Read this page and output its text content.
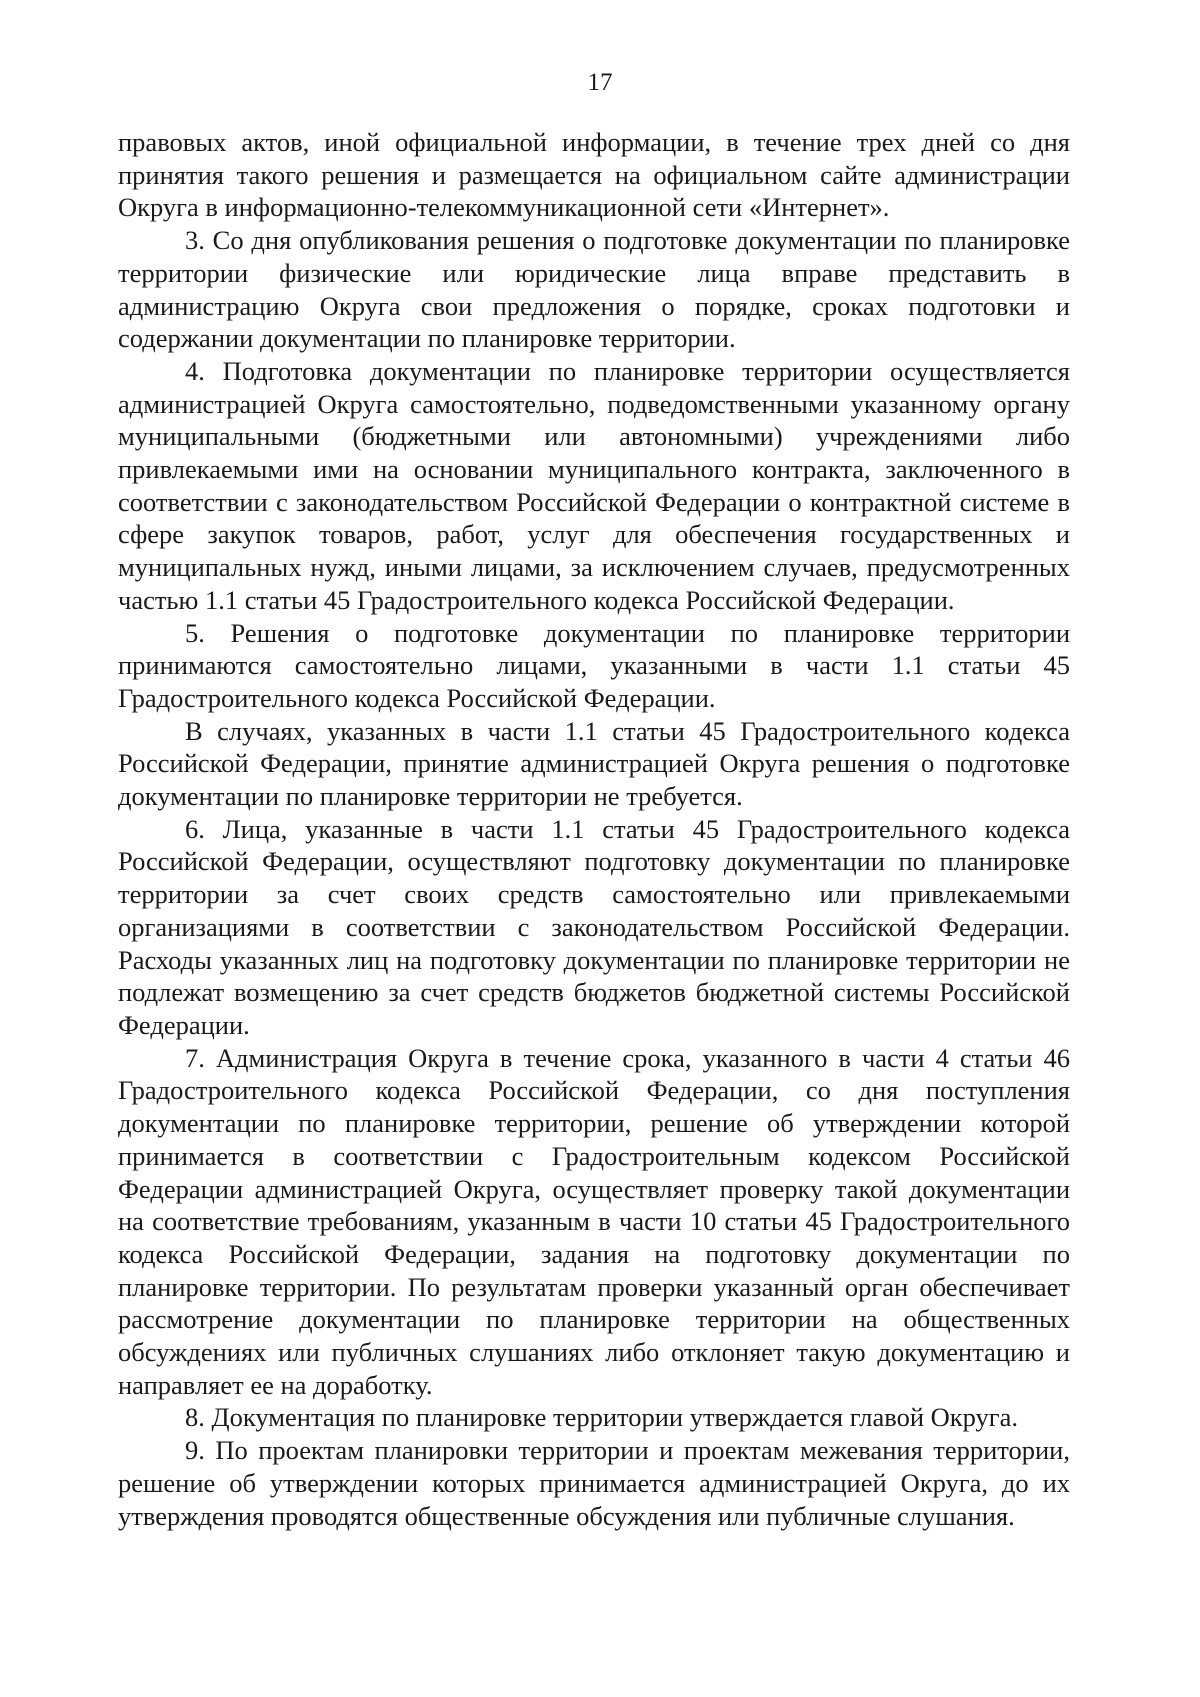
17

правовых актов, иной официальной информации, в течение трех дней со дня принятия такого решения и размещается на официальном сайте администрации Округа в информационно-телекоммуникационной сети «Интернет».

3. Со дня опубликования решения о подготовке документации по планировке территории физические или юридические лица вправе представить в администрацию Округа свои предложения о порядке, сроках подготовки и содержании документации по планировке территории.

4. Подготовка документации по планировке территории осуществляется администрацией Округа самостоятельно, подведомственными указанному органу муниципальными (бюджетными или автономными) учреждениями либо привлекаемыми ими на основании муниципального контракта, заключенного в соответствии с законодательством Российской Федерации о контрактной системе в сфере закупок товаров, работ, услуг для обеспечения государственных и муниципальных нужд, иными лицами, за исключением случаев, предусмотренных частью 1.1 статьи 45 Градостроительного кодекса Российской Федерации.

5. Решения о подготовке документации по планировке территории принимаются самостоятельно лицами, указанными в части 1.1 статьи 45 Градостроительного кодекса Российской Федерации.

В случаях, указанных в части 1.1 статьи 45 Градостроительного кодекса Российской Федерации, принятие администрацией Округа решения о подготовке документации по планировке территории не требуется.

6. Лица, указанные в части 1.1 статьи 45 Градостроительного кодекса Российской Федерации, осуществляют подготовку документации по планировке территории за счет своих средств самостоятельно или привлекаемыми организациями в соответствии с законодательством Российской Федерации. Расходы указанных лиц на подготовку документации по планировке территории не подлежат возмещению за счет средств бюджетов бюджетной системы Российской Федерации.

7. Администрация Округа в течение срока, указанного в части 4 статьи 46 Градостроительного кодекса Российской Федерации, со дня поступления документации по планировке территории, решение об утверждении которой принимается в соответствии с Градостроительным кодексом Российской Федерации администрацией Округа, осуществляет проверку такой документации на соответствие требованиям, указанным в части 10 статьи 45 Градостроительного кодекса Российской Федерации, задания на подготовку документации по планировке территории. По результатам проверки указанный орган обеспечивает рассмотрение документации по планировке территории на общественных обсуждениях или публичных слушаниях либо отклоняет такую документацию и направляет ее на доработку.

8. Документация по планировке территории утверждается главой Округа.

9. По проектам планировки территории и проектам межевания территории, решение об утверждении которых принимается администрацией Округа, до их утверждения проводятся общественные обсуждения или публичные слушания.
